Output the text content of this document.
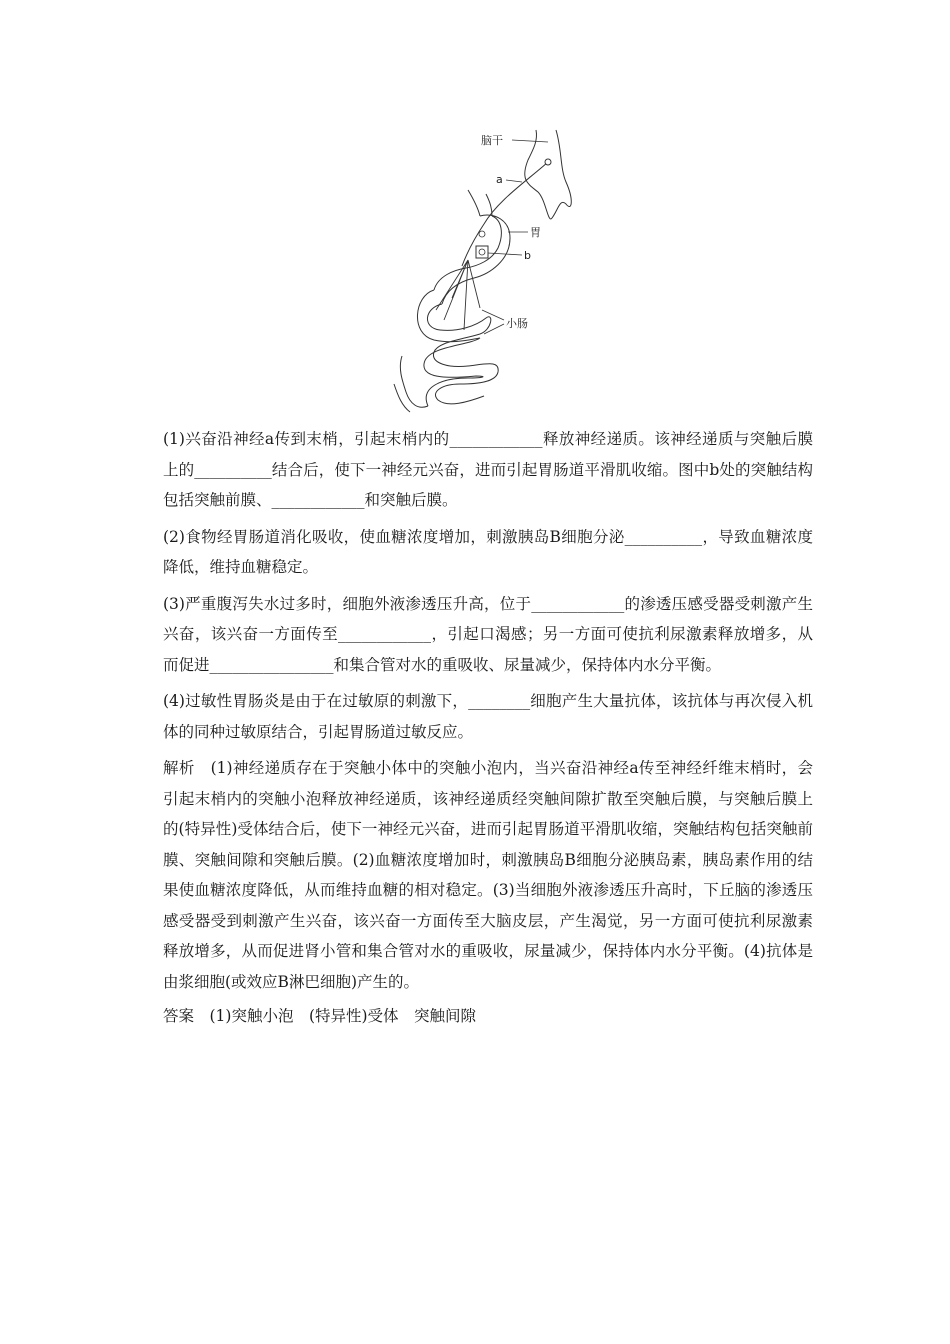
脑干
a
胃
b
小肠

(1)兴奋沿神经a传到末梢，引起末梢内的____________释放神经递质。该神经递质与突触后膜上的__________结合后，使下一神经元兴奋，进而引起胃肠道平滑肌收缩。图中b处的突触结构包括突触前膜、____________和突触后膜。

(2)食物经胃肠道消化吸收，使血糖浓度增加，刺激胰岛B细胞分泌__________，导致血糖浓度降低，维持血糖稳定。

(3)严重腹泻失水过多时，细胞外液渗透压升高，位于____________的渗透压感受器受刺激产生兴奋，该兴奋一方面传至____________，引起口渴感；另一方面可使抗利尿激素释放增多，从而促进________________和集合管对水的重吸收、尿量减少，保持体内水分平衡。

(4)过敏性胃肠炎是由于在过敏原的刺激下，________细胞产生大量抗体，该抗体与再次侵入机体的同种过敏原结合，引起胃肠道过敏反应。

解析　(1)神经递质存在于突触小体中的突触小泡内，当兴奋沿神经a传至神经纤维末梢时，会引起末梢内的突触小泡释放神经递质，该神经递质经突触间隙扩散至突触后膜，与突触后膜上的(特异性)受体结合后，使下一神经元兴奋，进而引起胃肠道平滑肌收缩，突触结构包括突触前膜、突触间隙和突触后膜。(2)血糖浓度增加时，刺激胰岛B细胞分泌胰岛素，胰岛素作用的结果使血糖浓度降低，从而维持血糖的相对稳定。(3)当细胞外液渗透压升高时，下丘脑的渗透压感受器受到刺激产生兴奋，该兴奋一方面传至大脑皮层，产生渴觉，另一方面可使抗利尿激素释放增多，从而促进肾小管和集合管对水的重吸收，尿量减少，保持体内水分平衡。(4)抗体是由浆细胞(或效应B淋巴细胞)产生的。

答案　(1)突触小泡　(特异性)受体　突触间隙
